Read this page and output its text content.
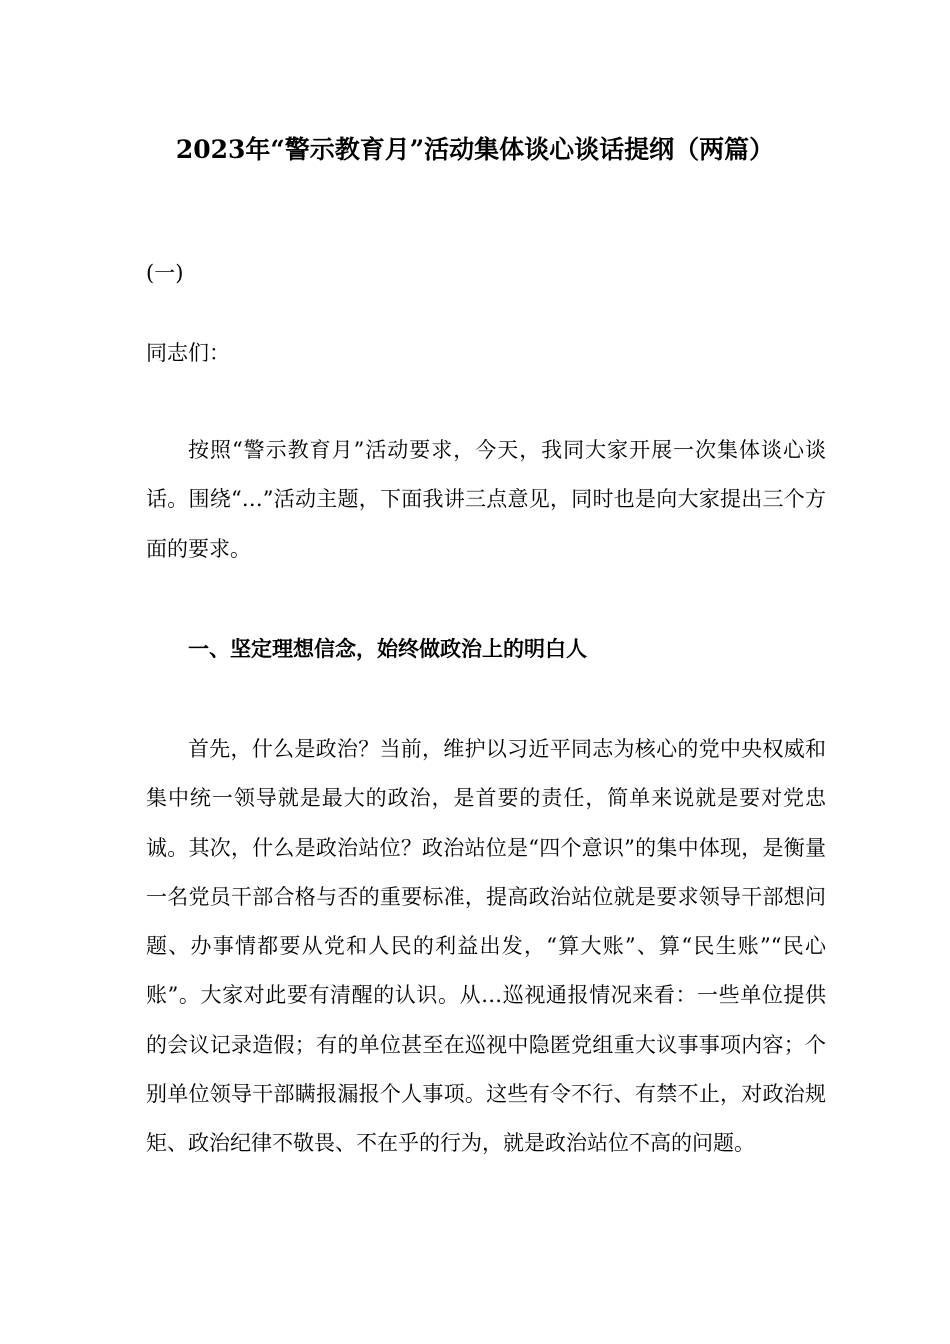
2023年“警示教育月”活动集体谈心谈话提纲（两篇）

(一)

同志们：

按照“警示教育月”活动要求，今天，我同大家开展一次集体谈心谈话。围绕“…”活动主题，下面我讲三点意见，同时也是向大家提出三个方面的要求。

一、坚定理想信念，始终做政治上的明白人

首先，什么是政治？当前，维护以习近平同志为核心的党中央权威和集中统一领导就是最大的政治，是首要的责任，简单来说就是要对党忠诚。其次，什么是政治站位？政治站位是“四个意识”的集中体现，是衡量一名党员干部合格与否的重要标准，提高政治站位就是要求领导干部想问题、办事情都要从党和人民的利益出发，“算大账”、算“民生账”“民心账”。大家对此要有清醒的认识。从…巡视通报情况来看：一些单位提供的会议记录造假；有的单位甚至在巡视中隐匿党组重大议事事项内容；个别单位领导干部瞒报漏报个人事项。这些有令不行、有禁不止，对政治规矩、政治纪律不敬畏、不在乎的行为，就是政治站位不高的问题。
